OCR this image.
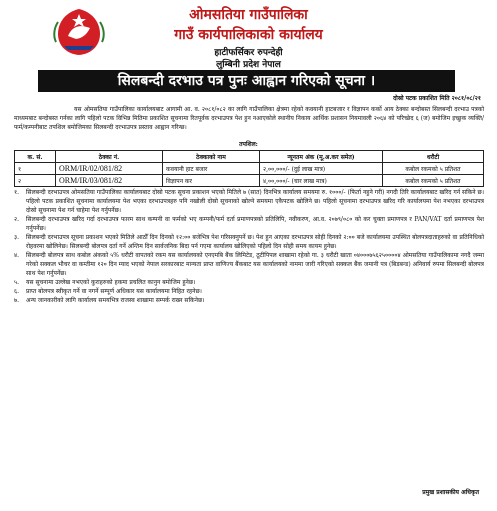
ओमसतिया गाउँपालिका
गाउँ कार्यपालिकाको कार्यालय
हाटीफर्सिकर रुपन्देही
लुम्बिनी प्रदेश नेपाल
सिलबन्दी दरभाउ पत्र पुनः आह्वान गरिएको सूचना ।
दोस्रो पटक प्रकाशित मिति २०८१/०८/२१

यस ओमसतिया गाउँपालिका कार्यालयबाट आगामी आ. व. २०८१/०८२ का लागि गाउँपालिका क्षेत्रमा रहेको कवयानी हाटबजार र विज्ञापन कर्को आय ठेक्का बन्दोबस्त सिलबन्दी दरभाउ पत्रको माध्यमबाट बन्दोबस्त गर्नका लागि पहिलो पटक विभिन्न मितिमा प्रकाशित सूचनामा रितपूर्वक दरभाउपत्र पेश हुन नआएकोले स्थानीय निकाय आर्थिक प्रशासन नियमावली २०६४ को परिच्छेद ६ (ज) बमोजिम इच्छुक व्यक्ति/फर्म/कम्पनीबाट तपशिल बमोजिमका सिलबन्दी दरभाउपत्र प्रस्ताव आह्वान गरिन्छ।

तपशिल:
क. सं.	ठेक्का नं.	ठेक्काको नाम	न्यूनतम अंक (मू.अ.कर समेत)	धरौटी
१	ORM/IR/02/081/82	कवयानी हाट बजार	२,००,०००/- (दुई लाख मात्र)	कबोल रकमको ५ प्रतिशत
२	ORM/IR/03/081/82	विज्ञापन कर	४,००,०००/- (चार लाख मात्र)	कबोल रकमको ५ प्रतिशत
१.	सिलबन्दी दरभाउपत्र ओमसतिया गाउँपालिका कार्यालयबाट दोस्रो पटक सूचना प्रकाशन भएको मितिले ७ (सात) दिनभित्र कार्यालय समयमा रु. १०००/- (फिर्ता नहुने गरी) नगदी तिरि कार्यालयबाट खरिद गर्न सकिने छ। पहिलो पटक प्रकाशित सूचनामा कार्यालयमा पेश भएका दरभाउपत्रहरु पनि नखोली दोस्रो सूचनाको खोल्ने समयमा एकैपटक खोलिने छ। पहिलो सूचनामा दरभाउपत्र खरिद गरि कार्यालयमा पेश नभएका दरभाउपत्र दोस्रो सूचनामा पेश गर्न चाहेमा पेश गर्नुपर्नेछ।
२.	सिलबन्दी दरभाउपत्र खरिद गर्दा दरभाउपत्र फारम साथ कम्पनी वा फर्मको भए कम्पनी/फर्म दर्ता प्रमाणपत्रको प्रतिलिपि, नवीकरण, आ.व. २०७९/०८० को कर चुक्ता प्रमाणपत्र र PAN/VAT दर्ता प्रमाणपत्र पेश गर्नुपर्नेछ।
३.	सिलबन्दी दरभाउपत्र सूचना प्रकाशन भएको मितिले आठौँ दिन दिनको १२:०० बजेभित्र पेश गरिसक्नुपर्ने छ। पेश हुन आएका दरभाउपत्र सोही दिनको २:०० बजे कार्यालयमा उपस्थित बोलपत्रदाताहरुको वा प्रतिनिधिको रोहवरमा खोलिनेछ। सिलबन्दी बोलपत्र दर्ता गर्ने अन्तिम दिन सार्वजनिक बिदा पर्न गएमा कार्यालय खोलिएको पहिलो दिन सोही समय कायम हुनेछ।
४.	सिलबन्दी बोलपत्र साथ कबोल अंकको ५% धरौटी वापतको रकम यस कार्यालयको एनएमबि बैंक लिमिटेड, ठूटीपिपल शाखामा रहेको गा. ३ धरौटी खाता ०४०००७५६२५००००४ ओमसतिया गाउँपालिकामा नगदै जम्मा गरेको सक्कल भौचर वा कम्तीमा १२० दिन म्याद भएको नेपाल सरकारबाट मान्यता प्राप्त वाणिज्य बैंकबाट यस कार्यालयको नाममा जारी गरिएको सक्कल बैंक जमानी पत्र (बिडबन्ड) अनिवार्य रुपमा सिलबन्दी बोलपत्र साथ पेश गर्नुपर्नेछ।
५.	यस सूचनामा उल्लेख नभएको कुराहरुको हकमा प्रचलित कानुन बमोजिम हुनेछ।
६.	प्राप्त बोलपत्र स्वीकृत गर्ने वा नगर्ने सम्पूर्ण अधिकार यस कार्यालयमा निहित रहनेछ।
७.	अन्य जानकारीको लागि कार्यालय समयभित्र राजस्व शाखामा सम्पर्क राख्न सकिनेछ।
प्रमुख प्रशासकीय अधिकृत
